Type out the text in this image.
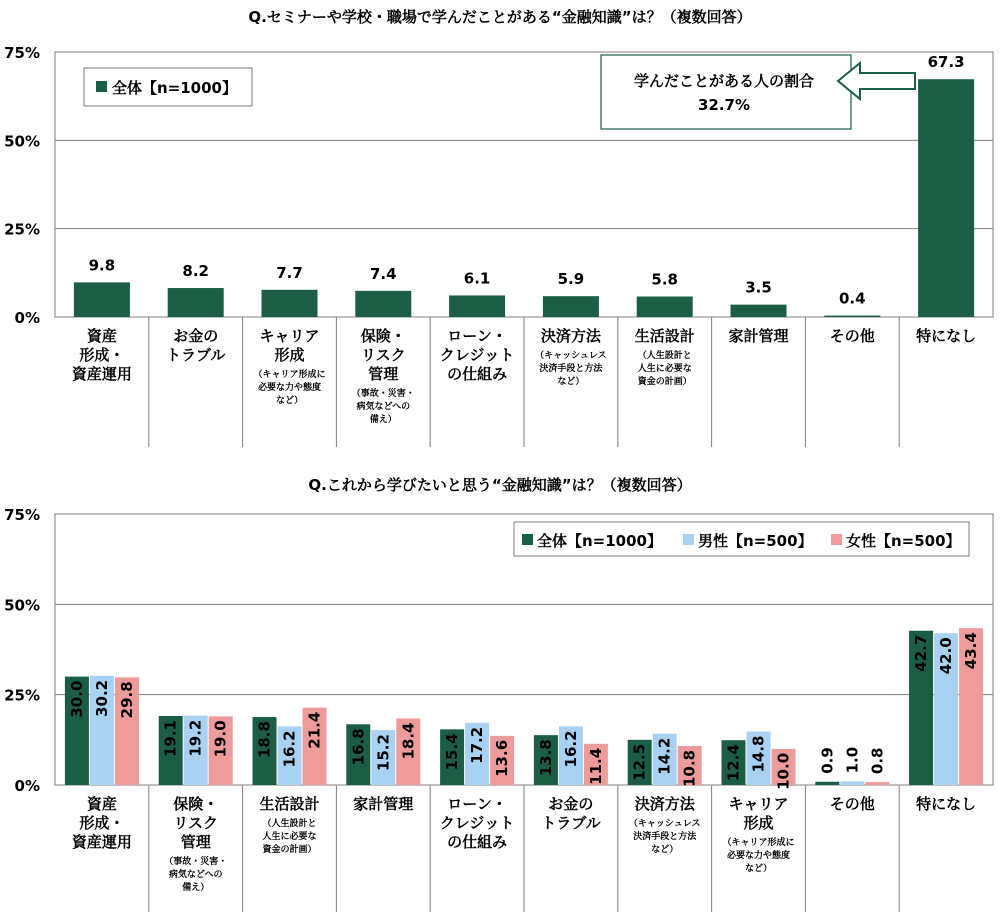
Q.セミナーや学校・職場で学んだことがある“金融知識”は？（複数回答）
75%
50%
25%
0%
9.8	8.2	7.7	7.4	6.1	5.9	5.8	3.5
0.4
67.3
資産
形成・
資産運用
お金の
トラブル
キャリア
形成
（キャリア形成に
必要な力や態度
など）
保険・
リスク
管理
（事故・災害・
病気などへの
備え）
ローン・
クレジット
の仕組み
決済方法
（キャッシュレス
決済手段と方法
など）
生活設計
（人生設計と
人生に必要な
資金の計画）
家計管理	その他	特になし
全体【n=1000】	学んだことがある人の割合
32.7%
Q.これから学びたいと思う“金融知識”は？（複数回答）
75%
50%
25%
0%
30.0 30.2 29.8
19.1 19.2 19.0 18.8 16.2
21.4 16.8 15.2 18.4 15.4 17.2 13.6 13.8 16.2 11.4 12.5 14.2 10.8 12.4 14.8 10.0 0.9 1.0 0.8
42.7 42.0 43.4
資産
形成・
資産運用
保険・
リスク
管理
（事故・災害・
病気などへの
備え）
生活設計
（人生設計と
人生に必要な
資金の計画）
家計管理 ローン・
クレジット
の仕組み
お金の
トラブル
決済方法
（キャッシュレス
決済手段と方法
など）
キャリア
形成
（キャリア形成に
必要な力や態度
など）
その他	特になし
全体【n=1000】 男性【n=500】 女性【n=500】
